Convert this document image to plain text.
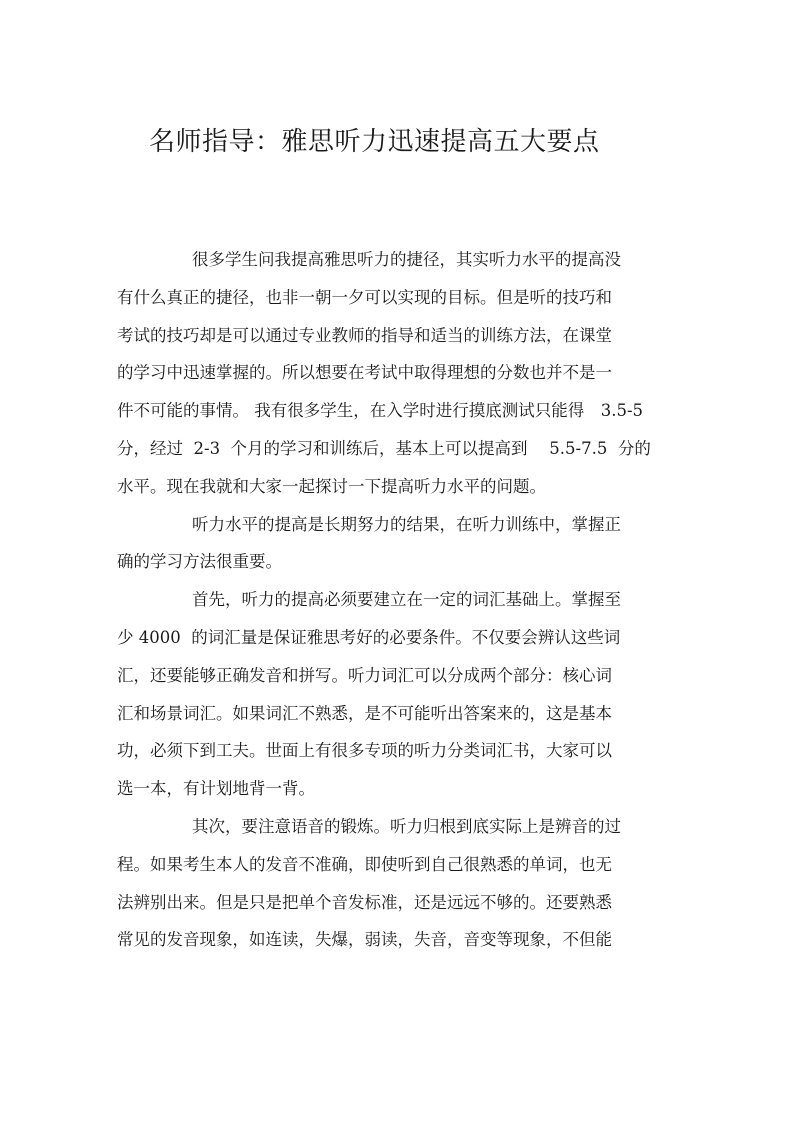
名师指导：雅思听力迅速提高五大要点
很多学生问我提高雅思听力的捷径，其实听力水平的提高没
有什么真正的捷径，也非一朝一夕可以实现的目标。但是听的技巧和
考试的技巧却是可以通过专业教师的指导和适当的训练方法，在课堂
的学习中迅速掌握的。所以想要在考试中取得理想的分数也并不是一
件不可能的事情。 我有很多学生，在入学时进行摸底测试只能得　3.5-5
分，经过  2-3  个月的学习和训练后，基本上可以提高到　 5.5-7.5  分的
水平。现在我就和大家一起探讨一下提高听力水平的问题。
听力水平的提高是长期努力的结果，在听力训练中，掌握正
确的学习方法很重要。
首先，听力的提高必须要建立在一定的词汇基础上。掌握至
少 4000  的词汇量是保证雅思考好的必要条件。不仅要会辨认这些词
汇，还要能够正确发音和拼写。听力词汇可以分成两个部分：核心词
汇和场景词汇。如果词汇不熟悉，是不可能听出答案来的，这是基本
功，必须下到工夫。世面上有很多专项的听力分类词汇书，大家可以
选一本，有计划地背一背。
其次，要注意语音的锻炼。听力归根到底实际上是辨音的过
程。如果考生本人的发音不准确，即使听到自己很熟悉的单词，也无
法辨别出来。但是只是把单个音发标准，还是远远不够的。还要熟悉
常见的发音现象，如连读，失爆，弱读，失音，音变等现象，不但能
